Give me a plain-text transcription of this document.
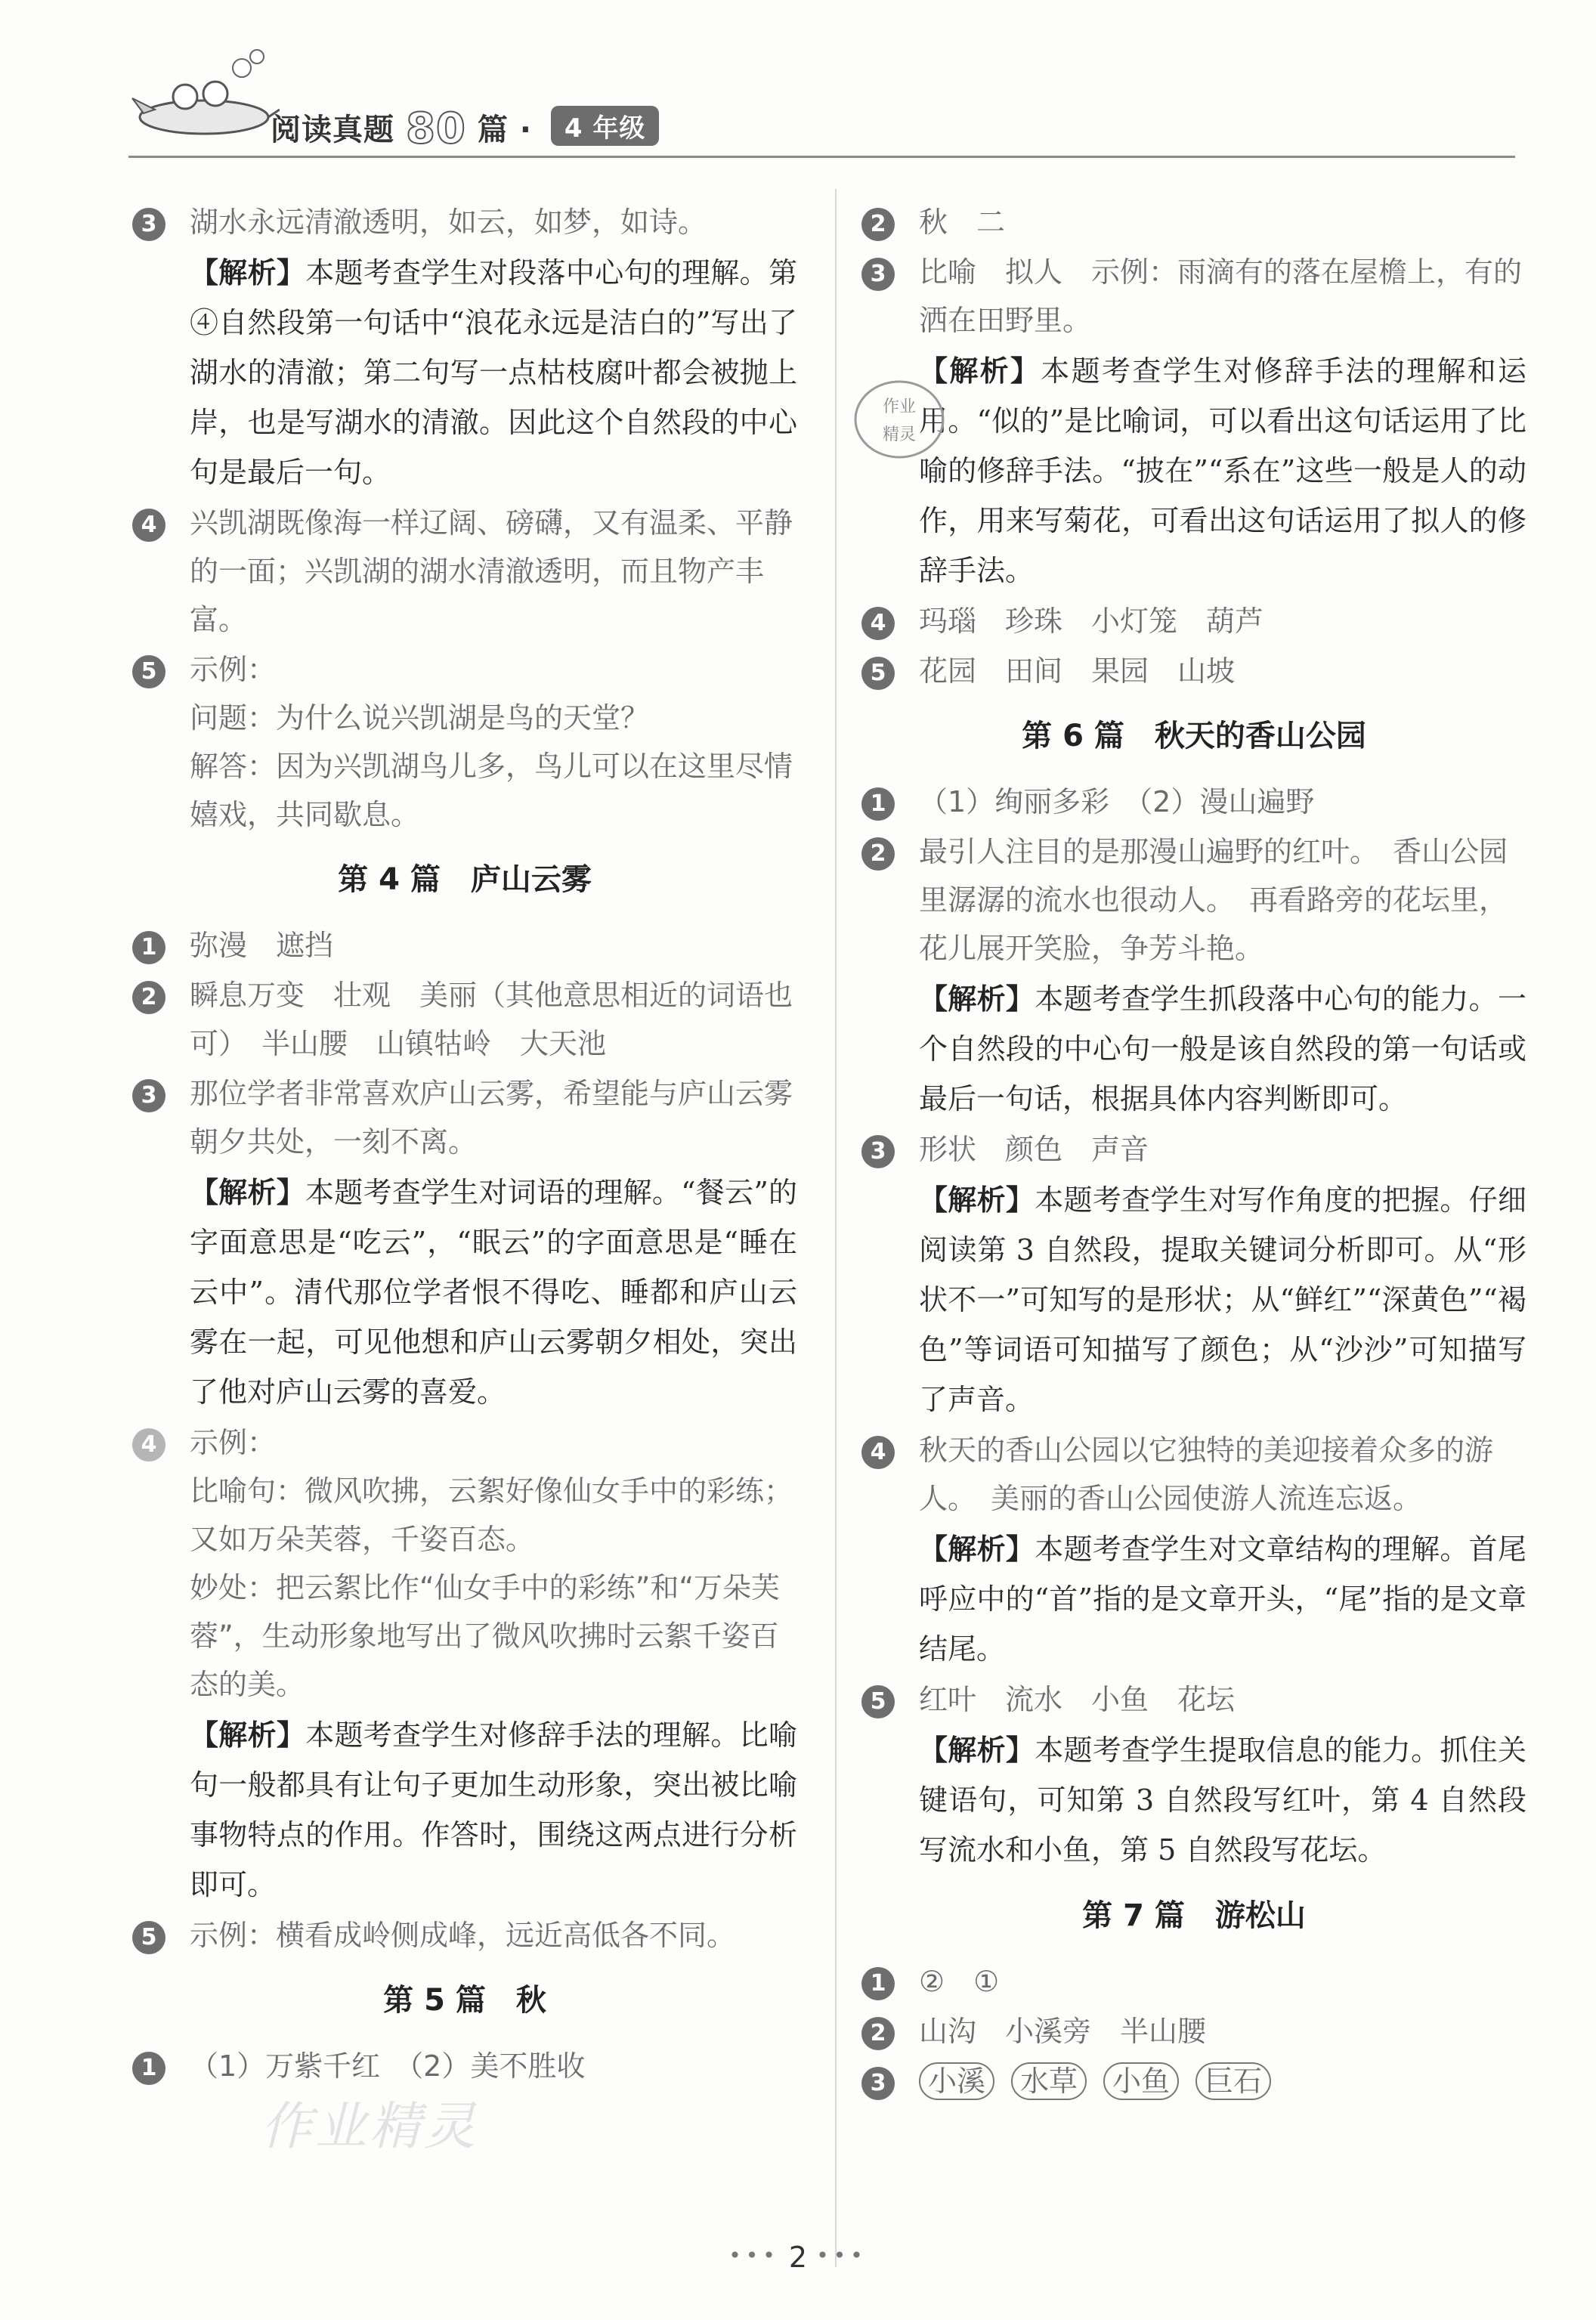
阅读真题 80 篇 · 4 年级
3	湖水永远清澈透明，如云，如梦，如诗。
【解析】本题考查学生对段落中心句的理解。第④自然段第一句话中“浪花永远是洁白的”写出了湖水的清澈；第二句写一点枯枝腐叶都会被抛上岸，也是写湖水的清澈。因此这个自然段的中心句是最后一句。
4	兴凯湖既像海一样辽阔、磅礴，又有温柔、平静的一面；兴凯湖的湖水清澈透明，而且物产丰富。
5	示例：
问题：为什么说兴凯湖是鸟的天堂？
解答：因为兴凯湖鸟儿多，鸟儿可以在这里尽情嬉戏，共同歇息。
第 4 篇　庐山云雾
1	弥漫　遮挡
2	瞬息万变　壮观　美丽（其他意思相近的词语也可）　半山腰　山镇牯岭　大天池
3	那位学者非常喜欢庐山云雾，希望能与庐山云雾朝夕共处，一刻不离。
【解析】本题考查学生对词语的理解。“餐云”的字面意思是“吃云”，“眠云”的字面意思是“睡在云中”。清代那位学者恨不得吃、睡都和庐山云雾在一起，可见他想和庐山云雾朝夕相处，突出了他对庐山云雾的喜爱。
4	示例：
比喻句：微风吹拂，云絮好像仙女手中的彩练；又如万朵芙蓉，千姿百态。
妙处：把云絮比作“仙女手中的彩练”和“万朵芙蓉”，生动形象地写出了微风吹拂时云絮千姿百态的美。
【解析】本题考查学生对修辞手法的理解。比喻句一般都具有让句子更加生动形象，突出被比喻事物特点的作用。作答时，围绕这两点进行分析即可。
5	示例：横看成岭侧成峰，远近高低各不同。
第 5 篇　秋
1	（1）万紫千红　（2）美不胜收
2	秋　二
3	比喻　拟人　示例：雨滴有的落在屋檐上，有的洒在田野里。
【解析】本题考查学生对修辞手法的理解和运用。“似的”是比喻词，可以看出这句话运用了比喻的修辞手法。“披在”“系在”这些一般是人的动作，用来写菊花，可看出这句话运用了拟人的修辞手法。
4	玛瑙　珍珠　小灯笼　葫芦
5	花园　田间　果园　山坡
第 6 篇　秋天的香山公园
1	（1）绚丽多彩　（2）漫山遍野
2	最引人注目的是那漫山遍野的红叶。　香山公园里潺潺的流水也很动人。　再看路旁的花坛里，花儿展开笑脸，争芳斗艳。
【解析】本题考查学生抓段落中心句的能力。一个自然段的中心句一般是该自然段的第一句话或最后一句话，根据具体内容判断即可。
3	形状　颜色　声音
【解析】本题考查学生对写作角度的把握。仔细阅读第 3 自然段，提取关键词分析即可。从“形状不一”可知写的是形状；从“鲜红”“深黄色”“褐色”等词语可知描写了颜色；从“沙沙”可知描写了声音。
4	秋天的香山公园以它独特的美迎接着众多的游人。　美丽的香山公园使游人流连忘返。
【解析】本题考查学生对文章结构的理解。首尾呼应中的“首”指的是文章开头，“尾”指的是文章结尾。
5	红叶　流水　小鱼　花坛
【解析】本题考查学生提取信息的能力。抓住关键语句，可知第 3 自然段写红叶，第 4 自然段写流水和小鱼，第 5 自然段写花坛。
第 7 篇　游松山
1	②　①
2	山沟　小溪旁　半山腰
3	小溪 水草 小鱼 巨石
作业
精灵
作业精灵
••• 2 •••
